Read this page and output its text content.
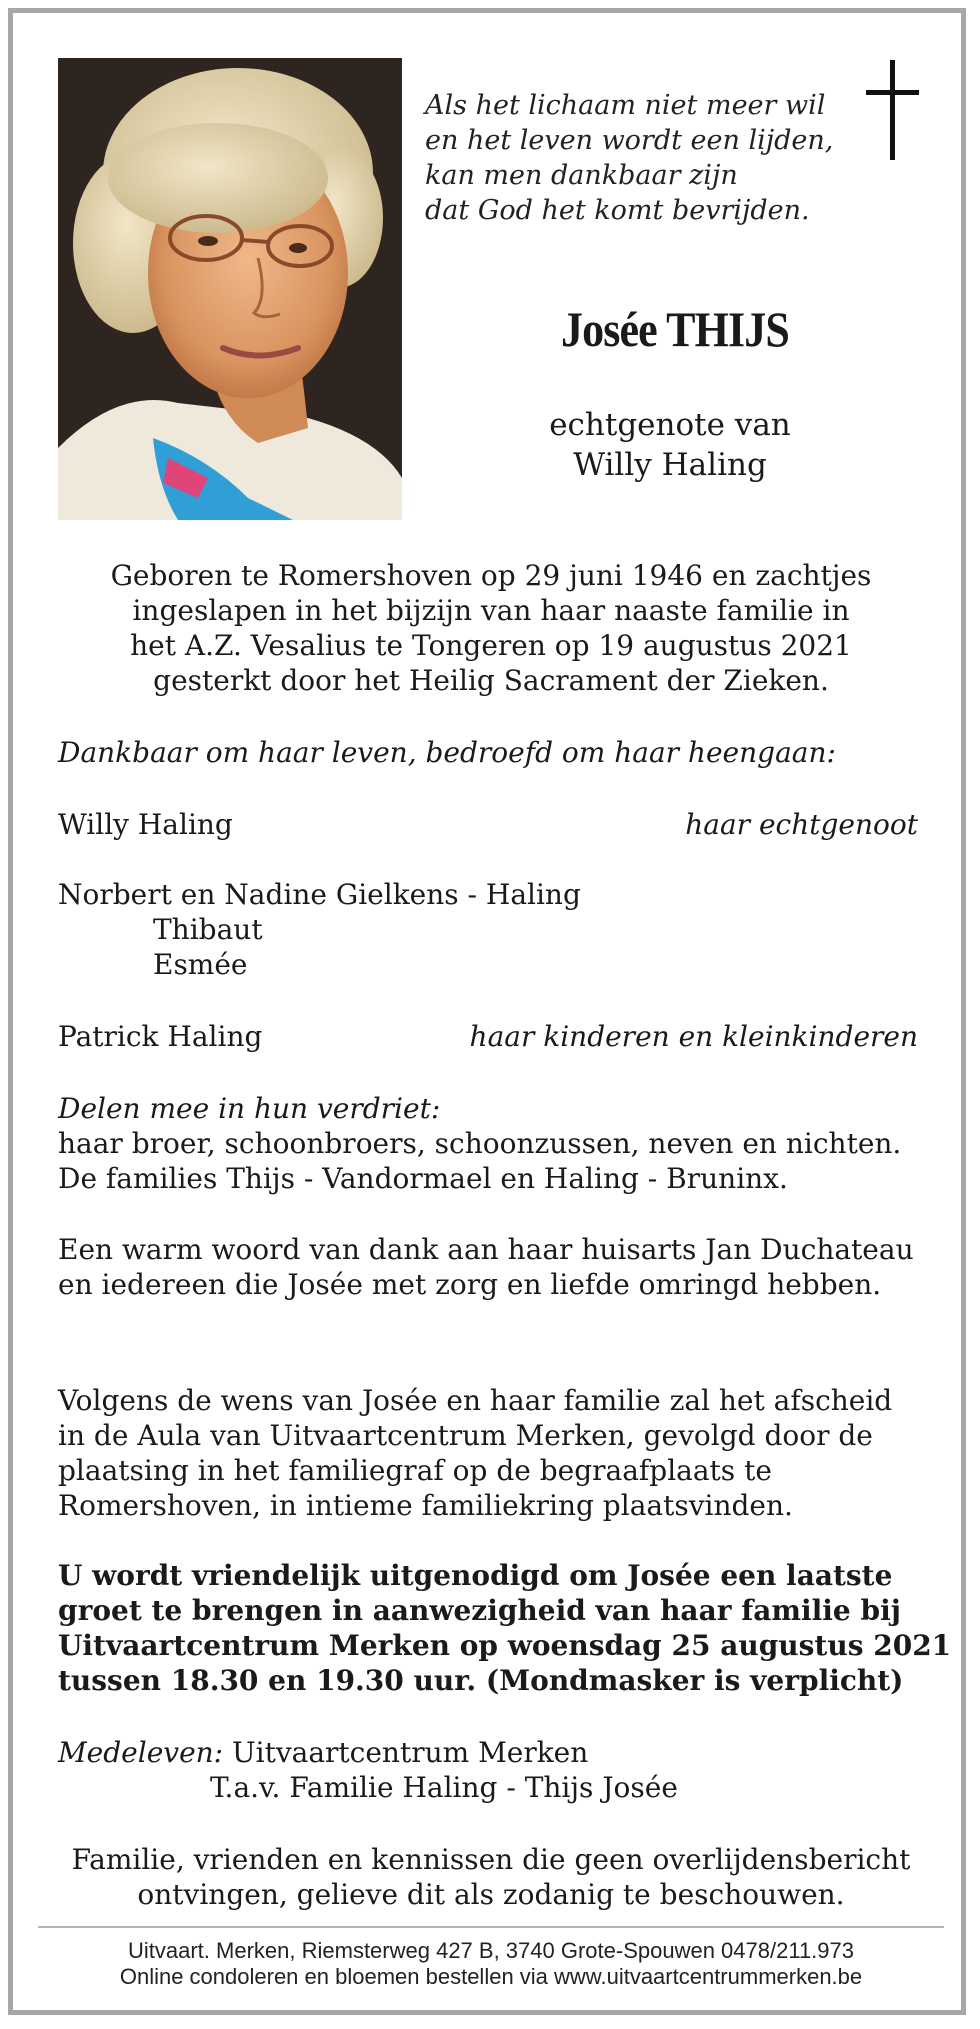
Als het lichaam niet meer wil
en het leven wordt een lijden,
kan men dankbaar zijn
dat God het komt bevrijden.
Josée THIJS
echtgenote van
Willy Haling
Geboren te Romershoven op 29 juni 1946 en zachtjes
ingeslapen in het bijzijn van haar naaste familie in
het A.Z. Vesalius te Tongeren op 19 augustus 2021
gesterkt door het Heilig Sacrament der Zieken.
Dankbaar om haar leven, bedroefd om haar heengaan:
Willy Haling	haar echtgenoot
Norbert en Nadine Gielkens - Haling
Thibaut
Esmée
Patrick Haling	haar kinderen en kleinkinderen
Delen mee in hun verdriet:
haar broer, schoonbroers, schoonzussen, neven en nichten.
De families Thijs - Vandormael en Haling - Bruninx.
Een warm woord van dank aan haar huisarts Jan Duchateau
en iedereen die Josée met zorg en liefde omringd hebben.
Volgens de wens van Josée en haar familie zal het afscheid
in de Aula van Uitvaartcentrum Merken, gevolgd door de
plaatsing in het familiegraf op de begraafplaats te
Romershoven, in intieme familiekring plaatsvinden.
U wordt vriendelijk uitgenodigd om Josée een laatste
groet te brengen in aanwezigheid van haar familie bij
Uitvaartcentrum Merken op woensdag 25 augustus 2021
tussen 18.30 en 19.30 uur. (Mondmasker is verplicht)
Medeleven: Uitvaartcentrum Merken
T.a.v. Familie Haling - Thijs Josée
Familie, vrienden en kennissen die geen overlijdensbericht
ontvingen, gelieve dit als zodanig te beschouwen.
Uitvaart. Merken, Riemsterweg 427 B, 3740 Grote-Spouwen 0478/211.973
Online condoleren en bloemen bestellen via www.uitvaartcentrummerken.be
